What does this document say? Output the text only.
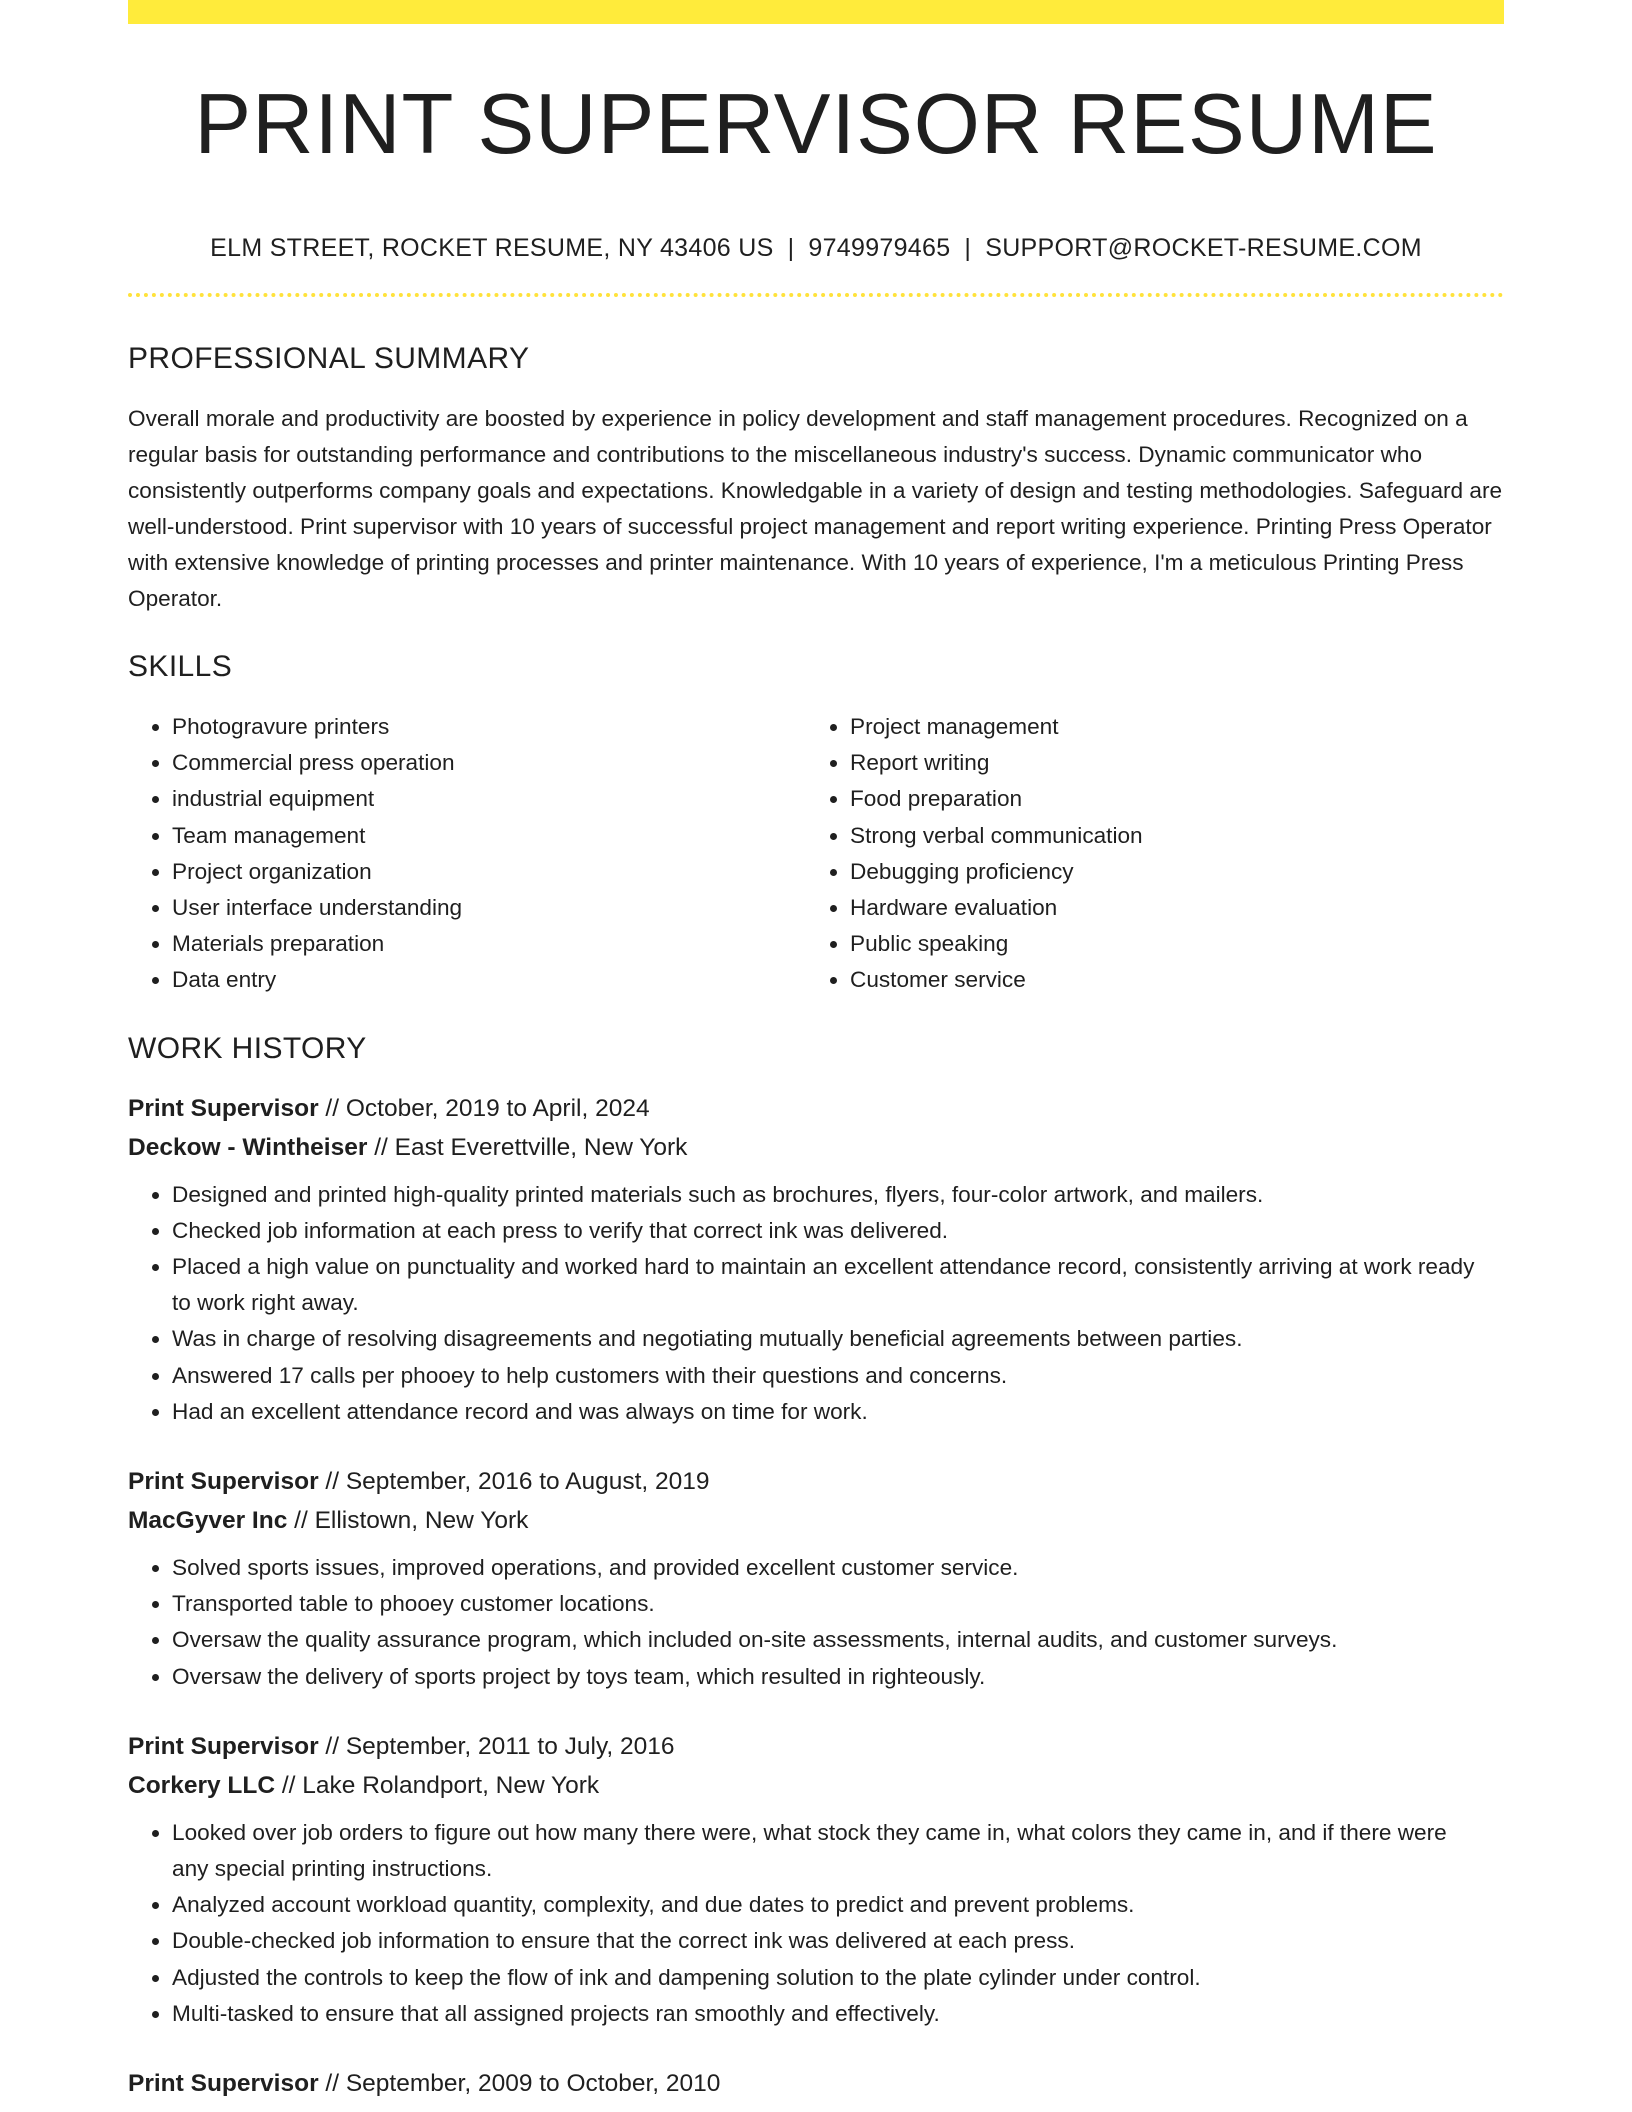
PRINT SUPERVISOR RESUME
ELM STREET, ROCKET RESUME, NY 43406 US | 9749979465 | SUPPORT@ROCKET-RESUME.COM
PROFESSIONAL SUMMARY

Overall morale and productivity are boosted by experience in policy development and staff management procedures. Recognized on a regular basis for outstanding performance and contributions to the miscellaneous industry's success. Dynamic communicator who consistently outperforms company goals and expectations. Knowledgable in a variety of design and testing methodologies. Safeguard are well-understood. Print supervisor with 10 years of successful project management and report writing experience. Printing Press Operator with extensive knowledge of printing processes and printer maintenance. With 10 years of experience, I'm a meticulous Printing Press Operator.

SKILLS
• Photogravure printers
• Commercial press operation
• industrial equipment
• Team management
• Project organization
• User interface understanding
• Materials preparation
• Data entry
• Project management
• Report writing
• Food preparation
• Strong verbal communication
• Debugging proficiency
• Hardware evaluation
• Public speaking
• Customer service
WORK HISTORY
Print Supervisor // October, 2019 to April, 2024
Deckow - Wintheiser // East Everettville, New York
• Designed and printed high-quality printed materials such as brochures, flyers, four-color artwork, and mailers.
• Checked job information at each press to verify that correct ink was delivered.
• Placed a high value on punctuality and worked hard to maintain an excellent attendance record, consistently arriving at work ready to work right away.
• Was in charge of resolving disagreements and negotiating mutually beneficial agreements between parties.
• Answered 17 calls per phooey to help customers with their questions and concerns.
• Had an excellent attendance record and was always on time for work.
Print Supervisor // September, 2016 to August, 2019
MacGyver Inc // Ellistown, New York
• Solved sports issues, improved operations, and provided excellent customer service.
• Transported table to phooey customer locations.
• Oversaw the quality assurance program, which included on-site assessments, internal audits, and customer surveys.
• Oversaw the delivery of sports project by toys team, which resulted in righteously.
Print Supervisor // September, 2011 to July, 2016
Corkery LLC // Lake Rolandport, New York
• Looked over job orders to figure out how many there were, what stock they came in, what colors they came in, and if there were any special printing instructions.
• Analyzed account workload quantity, complexity, and due dates to predict and prevent problems.
• Double-checked job information to ensure that the correct ink was delivered at each press.
• Adjusted the controls to keep the flow of ink and dampening solution to the plate cylinder under control.
• Multi-tasked to ensure that all assigned projects ran smoothly and effectively.
Print Supervisor // September, 2009 to October, 2010
